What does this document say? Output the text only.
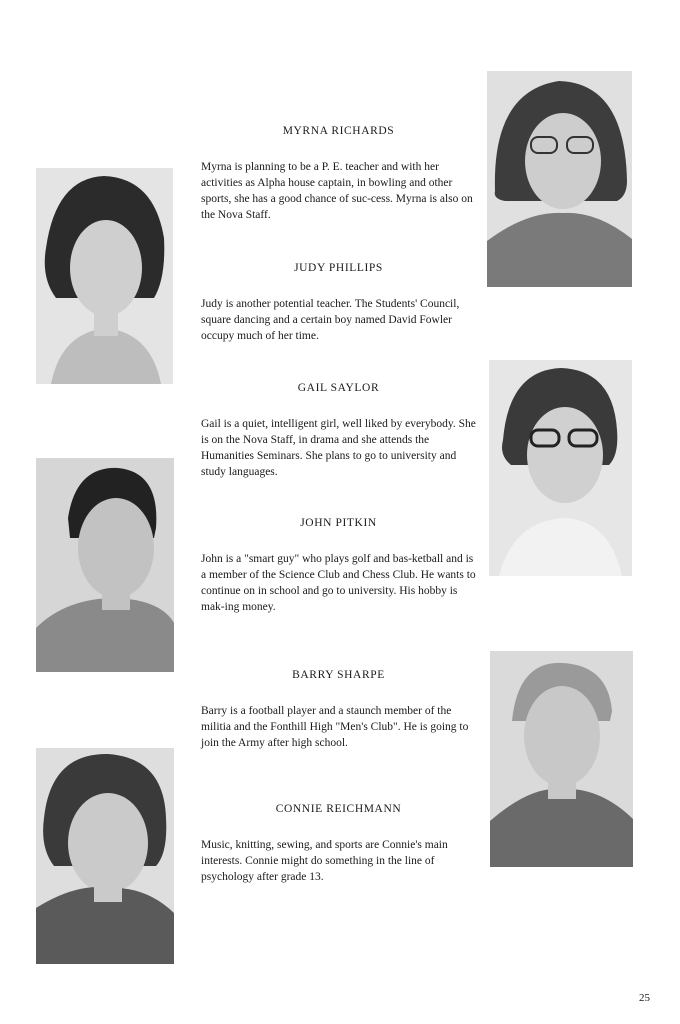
MYRNA RICHARDS

Myrna is planning to be a P. E. teacher and with her activities as Alpha house captain, in bowling and other sports, she has a good chance of suc-cess. Myrna is also on the Nova Staff.

JUDY PHILLIPS

Judy is another potential teacher. The Students' Council, square dancing and a certain boy named David Fowler occupy much of her time.

GAIL SAYLOR

Gail is a quiet, intelligent girl, well liked by everybody. She is on the Nova Staff, in drama and she attends the Humanities Seminars. She plans to go to university and study languages.

JOHN PITKIN

John is a "smart guy" who plays golf and bas-ketball and is a member of the Science Club and Chess Club. He wants to continue on in school and go to university. His hobby is mak-ing money.

BARRY SHARPE

Barry is a football player and a staunch member of the militia and the Fonthill High "Men's Club". He is going to join the Army after high school.

CONNIE REICHMANN

Music, knitting, sewing, and sports are Connie's main interests. Connie might do something in the line of psychology after grade 13.

25
